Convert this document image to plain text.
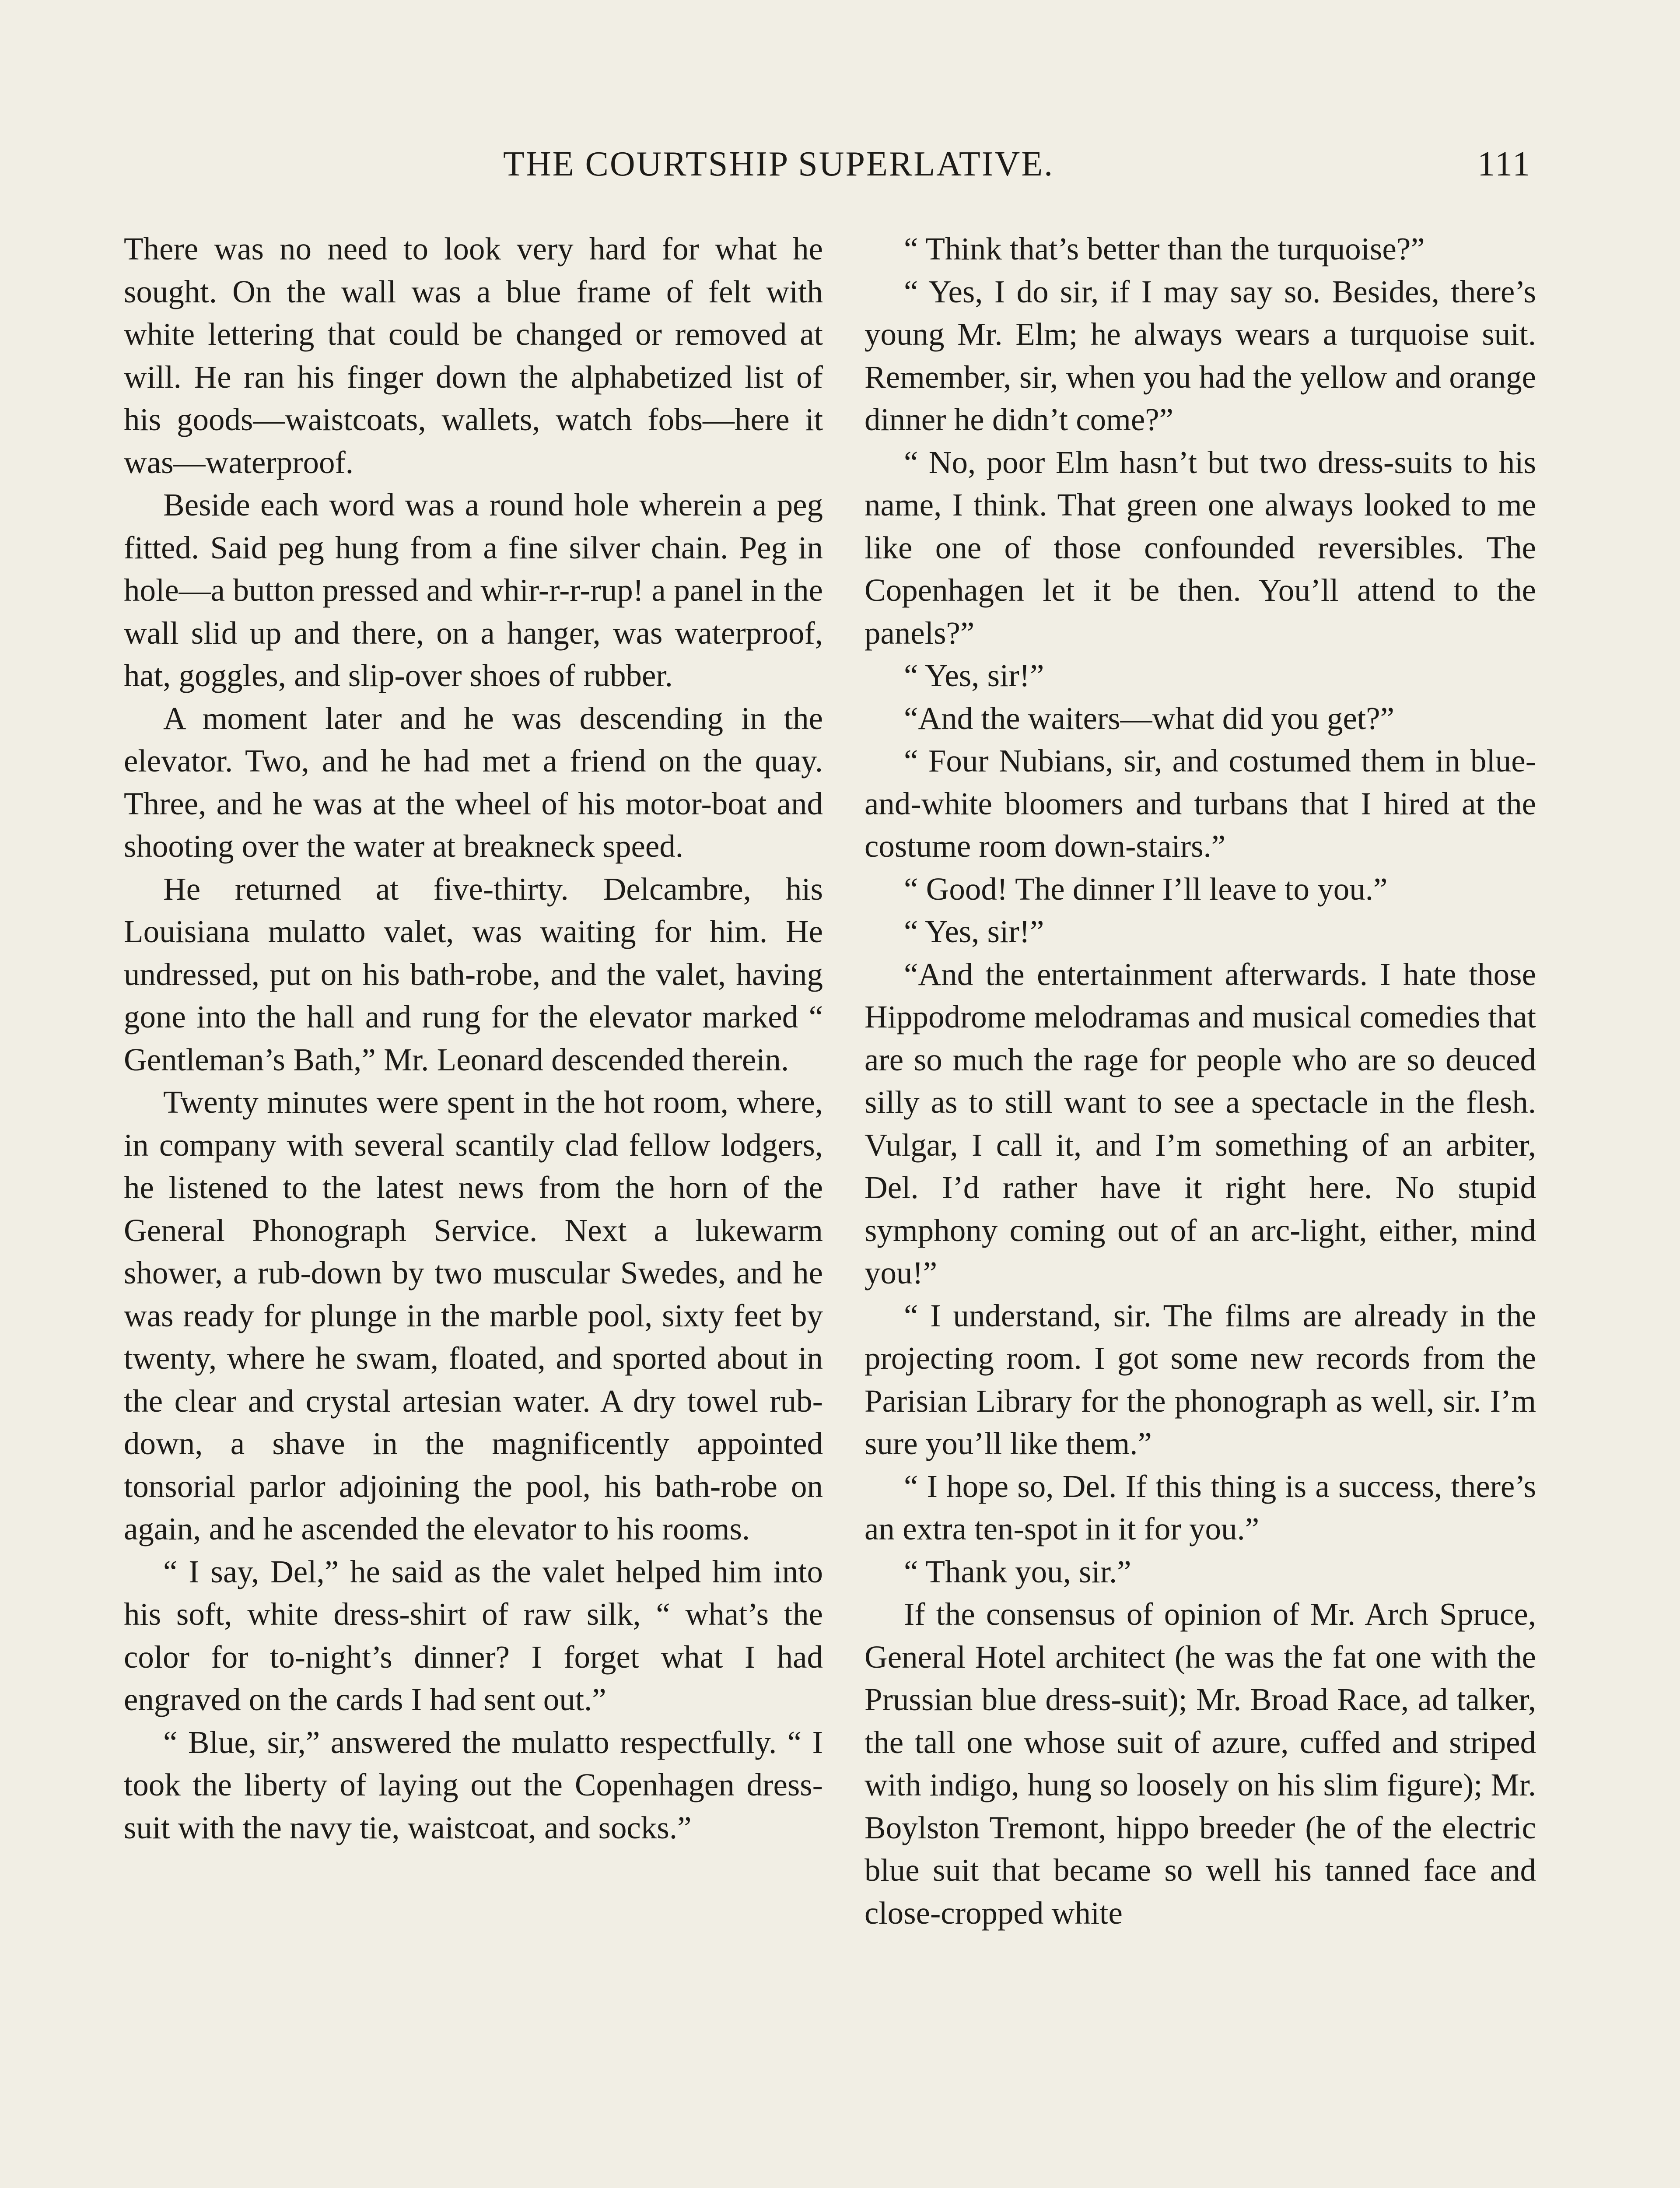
THE COURTSHIP SUPERLATIVE.	111

There was no need to look very hard for what he sought. On the wall was a blue frame of felt with white lettering that could be changed or removed at will. He ran his finger down the alphabetized list of his goods—waistcoats, wallets, watch fobs—here it was—waterproof.

Beside each word was a round hole wherein a peg fitted. Said peg hung from a fine silver chain. Peg in hole—a button pressed and whir-r-r-rup! a panel in the wall slid up and there, on a hanger, was waterproof, hat, goggles, and slip-over shoes of rubber.

A moment later and he was descending in the elevator. Two, and he had met a friend on the quay. Three, and he was at the wheel of his motor-boat and shooting over the water at breakneck speed.

He returned at five-thirty. Delcambre, his Louisiana mulatto valet, was waiting for him. He undressed, put on his bath-robe, and the valet, having gone into the hall and rung for the elevator marked “ Gentleman’s Bath,” Mr. Leonard descended therein.

Twenty minutes were spent in the hot room, where, in company with several scantily clad fellow lodgers, he listened to the latest news from the horn of the General Phonograph Service. Next a lukewarm shower, a rub-down by two muscular Swedes, and he was ready for plunge in the marble pool, sixty feet by twenty, where he swam, floated, and sported about in the clear and crystal artesian water. A dry towel rub-down, a shave in the magnificently appointed tonsorial parlor adjoining the pool, his bath-robe on again, and he ascended the elevator to his rooms.

“ I say, Del,” he said as the valet helped him into his soft, white dress-shirt of raw silk, “ what’s the color for to-night’s dinner? I forget what I had engraved on the cards I had sent out.”

“ Blue, sir,” answered the mulatto respectfully. “ I took the liberty of laying out the Copenhagen dress-suit with the navy tie, waistcoat, and socks.”

“ Think that’s better than the turquoise?”

“ Yes, I do sir, if I may say so. Besides, there’s young Mr. Elm; he always wears a turquoise suit. Remember, sir, when you had the yellow and orange dinner he didn’t come?”

“ No, poor Elm hasn’t but two dress-suits to his name, I think. That green one always looked to me like one of those confounded reversibles. The Copenhagen let it be then. You’ll attend to the panels?”

“ Yes, sir!”

“And the waiters—what did you get?”

“ Four Nubians, sir, and costumed them in blue-and-white bloomers and turbans that I hired at the costume room down-stairs.”

“ Good! The dinner I’ll leave to you.”

“ Yes, sir!”

“And the entertainment afterwards. I hate those Hippodrome melodramas and musical comedies that are so much the rage for people who are so deuced silly as to still want to see a spectacle in the flesh. Vulgar, I call it, and I’m something of an arbiter, Del. I’d rather have it right here. No stupid symphony coming out of an arc-light, either, mind you!”

“ I understand, sir. The films are already in the projecting room. I got some new records from the Parisian Library for the phonograph as well, sir. I’m sure you’ll like them.”

“ I hope so, Del. If this thing is a success, there’s an extra ten-spot in it for you.”

“ Thank you, sir.”

If the consensus of opinion of Mr. Arch Spruce, General Hotel architect (he was the fat one with the Prussian blue dress-suit); Mr. Broad Race, ad talker, the tall one whose suit of azure, cuffed and striped with indigo, hung so loosely on his slim figure); Mr. Boylston Tremont, hippo breeder (he of the electric blue suit that became so well his tanned face and close-cropped white
